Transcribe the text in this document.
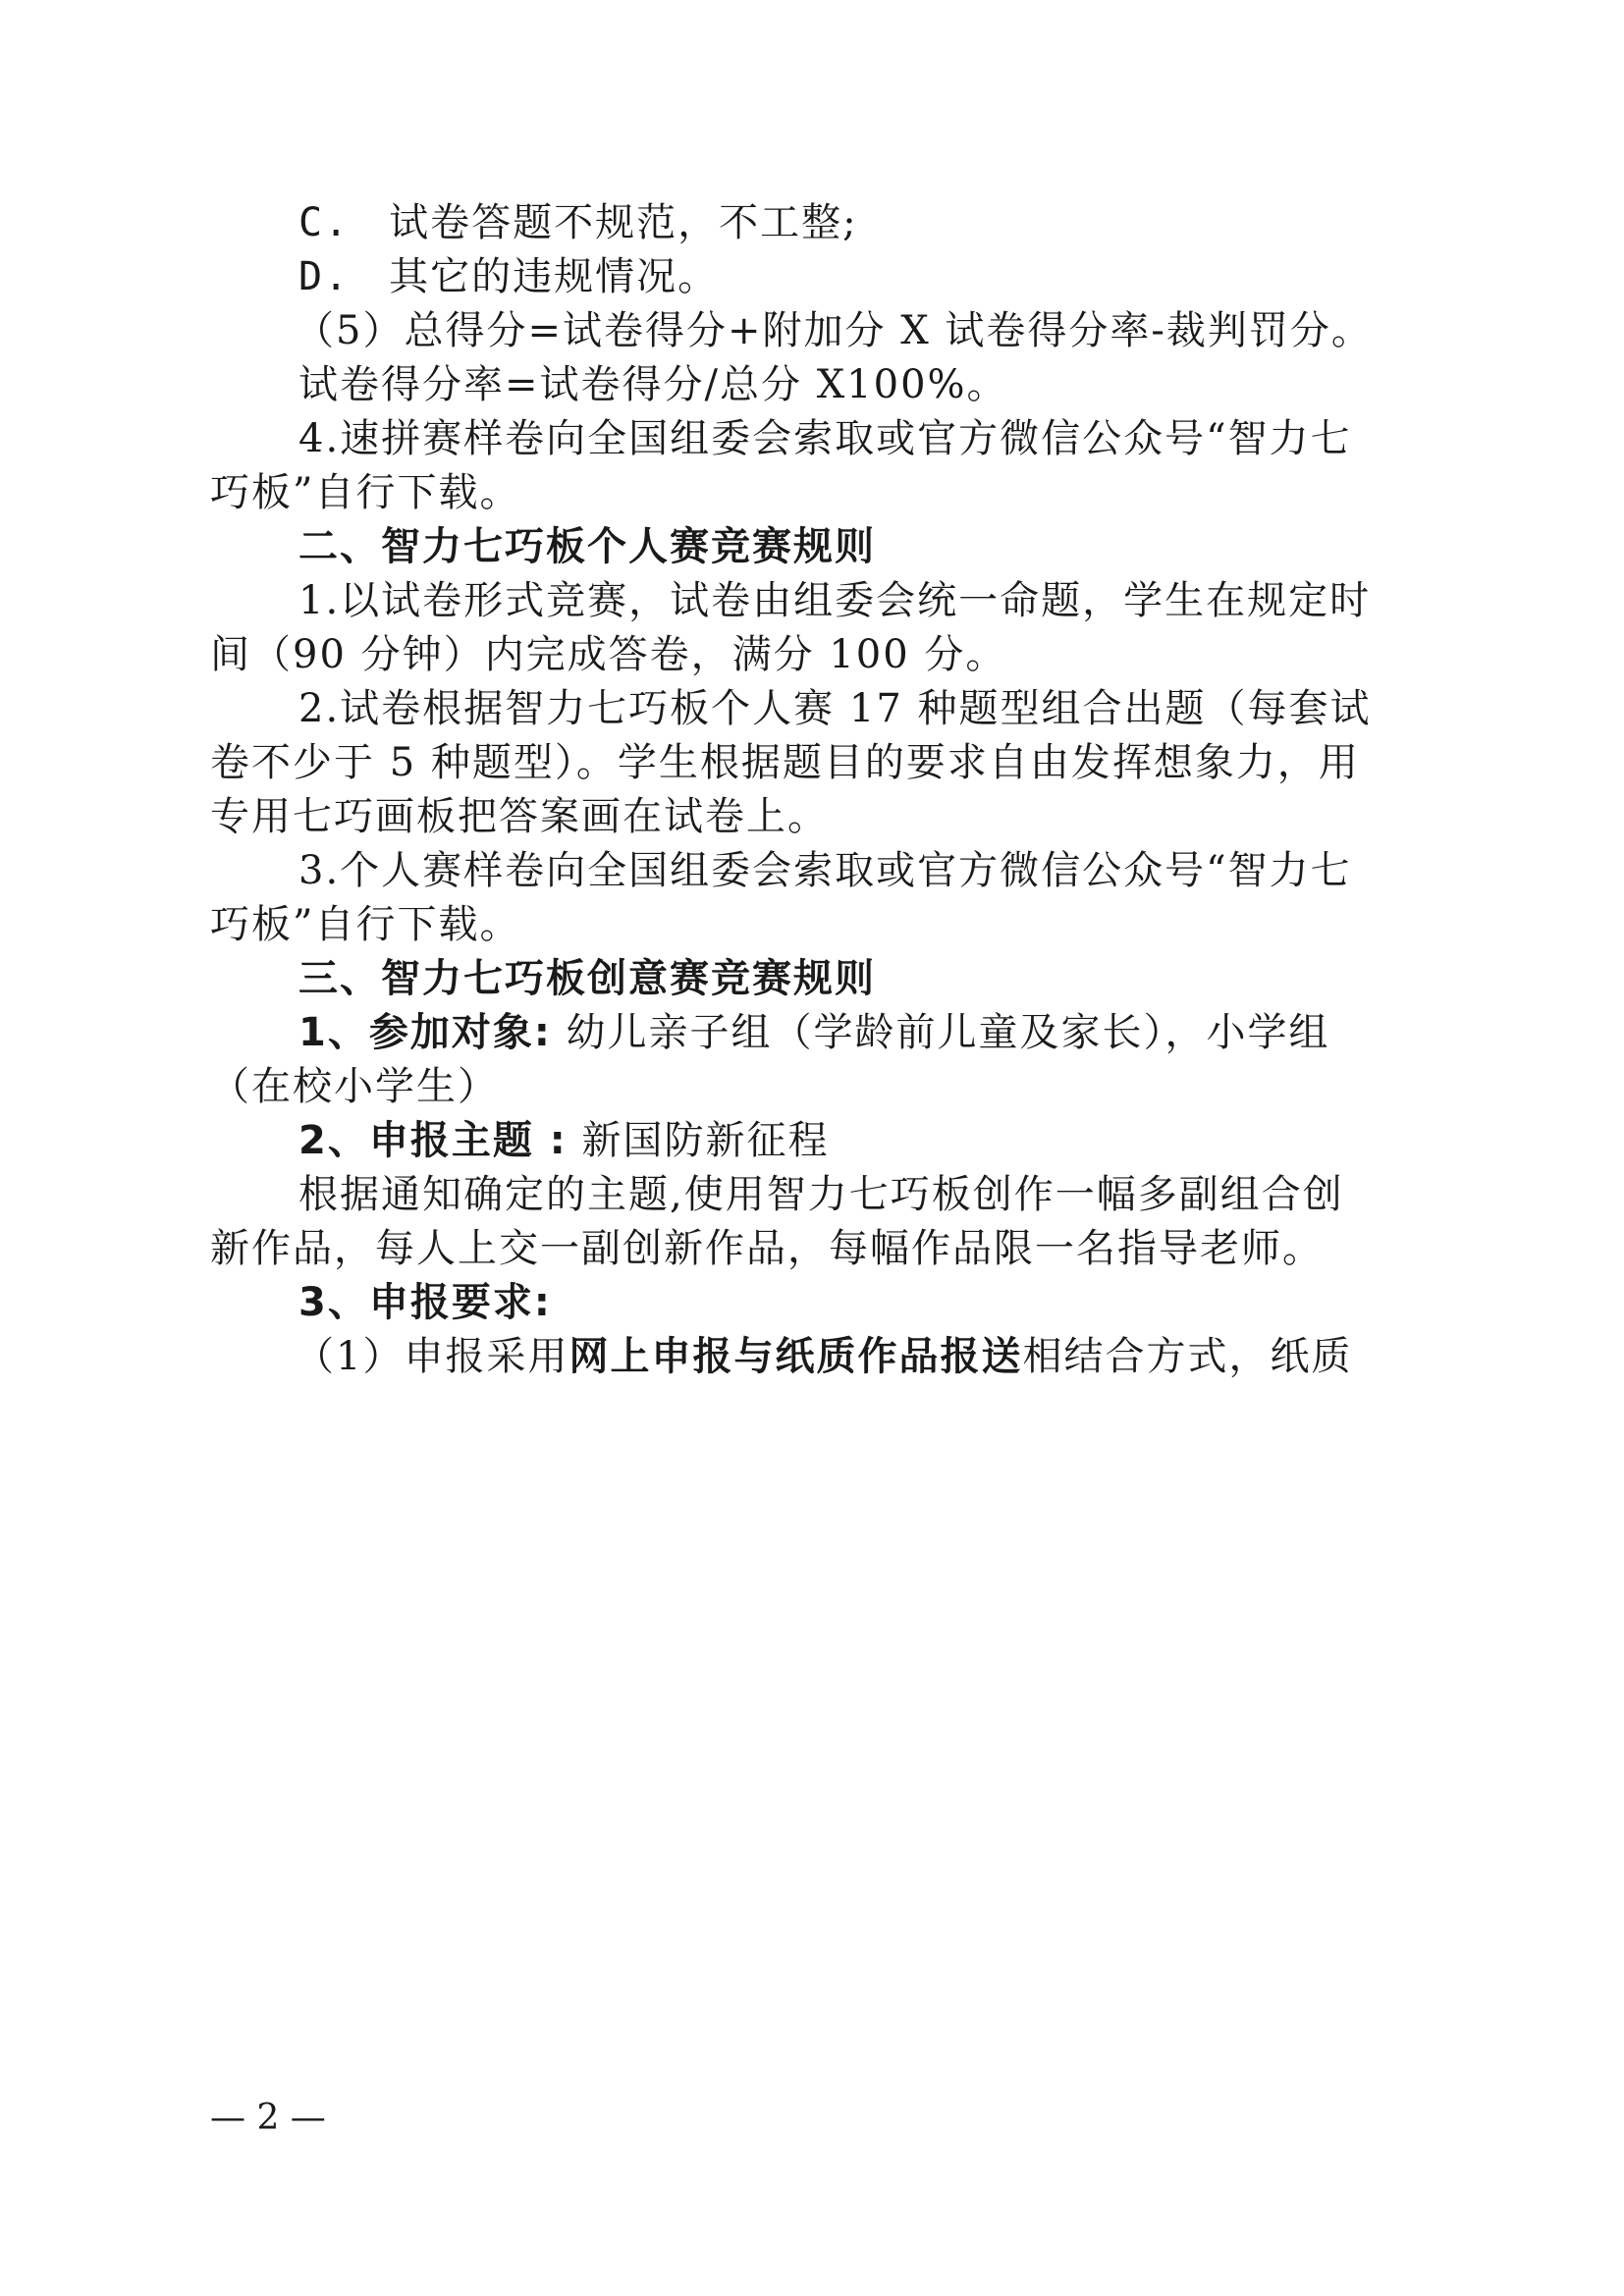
C. 试卷答题不规范，不工整;
D. 其它的违规情况。
（5）总得分=试卷得分+附加分 X 试卷得分率-裁判罚分。
试卷得分率=试卷得分/总分 X100%。
4.速拼赛样卷向全国组委会索取或官方微信公众号“智力七
巧板”自行下载。
二、智力七巧板个人赛竞赛规则
1.以试卷形式竞赛，试卷由组委会统一命题，学生在规定时
间（90 分钟）内完成答卷，满分 100 分。
2.试卷根据智力七巧板个人赛 17 种题型组合出题（每套试
卷不少于 5 种题型）。学生根据题目的要求自由发挥想象力，用
专用七巧画板把答案画在试卷上。
3.个人赛样卷向全国组委会索取或官方微信公众号“智力七
巧板”自行下载。
三、智力七巧板创意赛竞赛规则
1、参加对象: 幼儿亲子组（学龄前儿童及家长），小学组
（在校小学生）
2、申报主题 : 新国防新征程
根据通知确定的主题,使用智力七巧板创作一幅多副组合创
新作品，每人上交一副创新作品，每幅作品限一名指导老师。
3、申报要求:
（1）申报采用网上申报与纸质作品报送相结合方式，纸质
— 2 —
